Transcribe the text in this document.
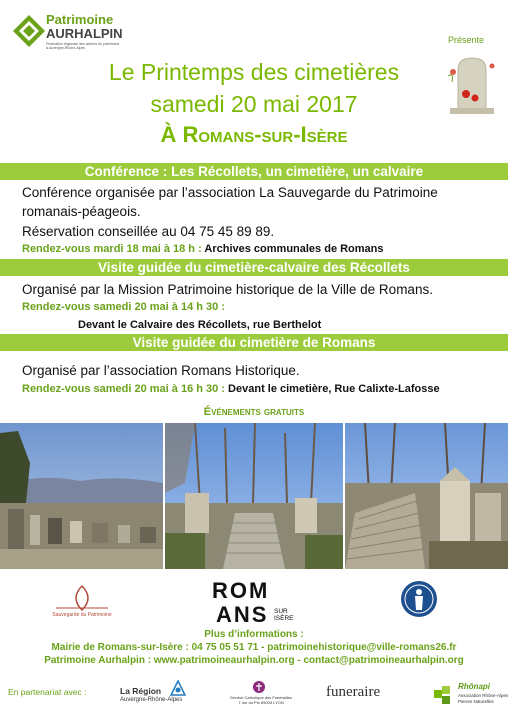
Patrimoine
AURHALPIN
Fédération régionale des acteurs du patrimoine à Auvergne-Rhône-Alpes
Présente
Le Printemps des cimetières
samedi 20 mai 2017
À Romans-sur-Isère
Conférence : Les Récollets, un cimetière, un calvaire
Conférence organisée par l’association La Sauvegarde du Patrimoine
romanais-péageois.
Réservation conseillée au 04 75 45 89 89.
Rendez-vous mardi 18 mai à 18 h : Archives communales de Romans
Visite guidée du cimetière-calvaire des Récollets
Organisé par la Mission Patrimoine historique de la Ville de Romans.
Rendez-vous samedi 20 mai à 14 h 30 :
Devant le Calvaire des Récollets, rue Berthelot
Visite guidée du cimetière de Romans
Organisé par l’association Romans Historique.
Rendez-vous samedi 20 mai à 16 h 30 : Devant le cimetière, Rue Calixte-Lafosse
Événements gratuits
Sauvegarde du Patrimoine
ROM
ANS SUR ISÈRE
Plus d’informations :
Mairie de Romans-sur-Isère : 04 75 05 51 71 - patrimoinehistorique@ville-romans26.fr
Patrimoine Aurhalpin : www.patrimoineaurhalpin.org - contact@patrimoineaurhalpin.org
En partenariat avec :	La Région
Auvergne-Rhône-Alpes	Service Catholique des Funérailles
7 rue du Pin 69003 LYON
funeraire	Rhônapi
Association Rhône-Alpes
Pierres Naturelles
